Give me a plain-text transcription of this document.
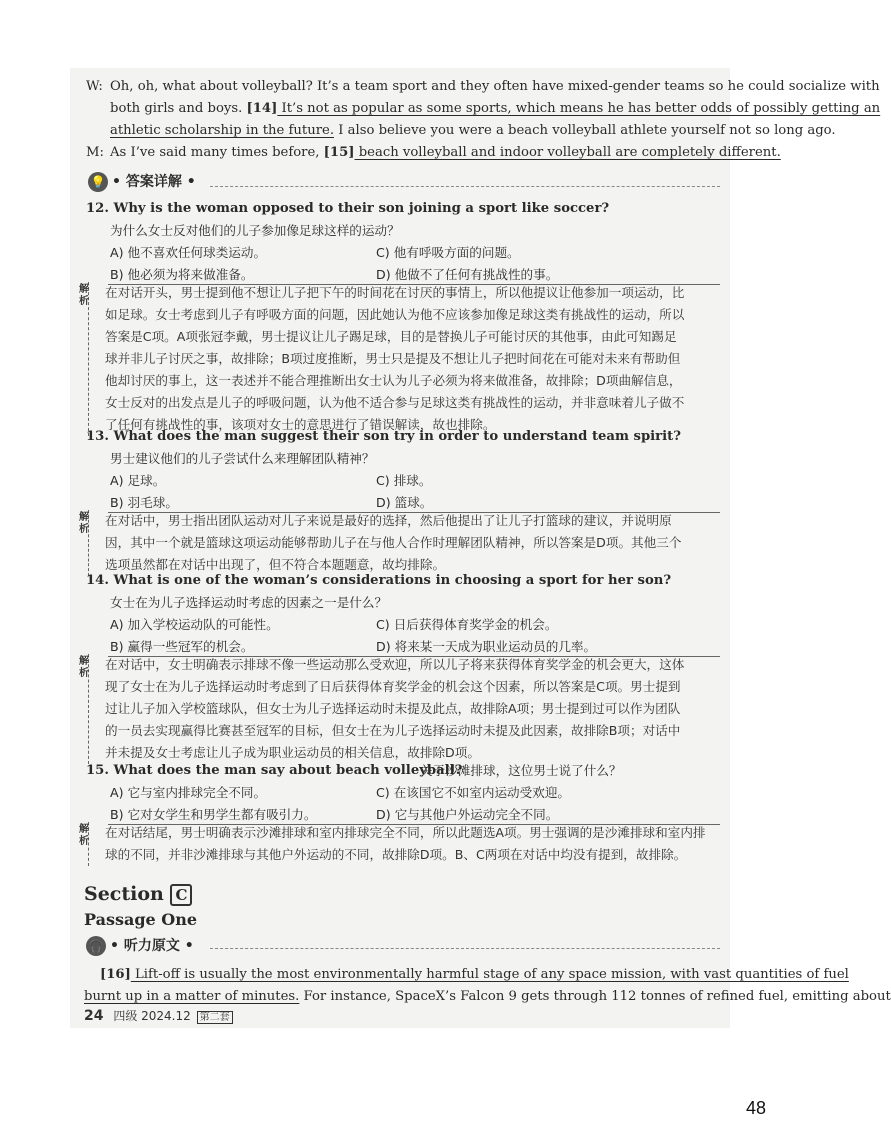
W: Oh, oh, what about volleyball? It’s a team sport and they often have mixed-gender teams so he could socialize with
both girls and boys. [14] It’s not as popular as some sports, which means he has better odds of possibly getting an
athletic scholarship in the future. I also believe you were a beach volleyball athlete yourself not so long ago.
M: As I’ve said many times before, [15] beach volleyball and indoor volleyball are completely different.
💡 • 答案详解 •
12. Why is the woman opposed to their son joining a sport like soccer?
为什么女士反对他们的儿子参加像足球这样的运动？
A) 他不喜欢任何球类运动。	C) 他有呼吸方面的问题。
B) 他必须为将来做准备。	D) 他做不了任何有挑战性的事。
解析
在对话开头，男士提到他不想让儿子把下午的时间花在讨厌的事情上，所以他提议让他参加一项运动，比
如足球。女士考虑到儿子有呼吸方面的问题，因此她认为他不应该参加像足球这类有挑战性的运动，所以
答案是C项。A项张冠李戴，男士提议让儿子踢足球，目的是替换儿子可能讨厌的其他事，由此可知踢足
球并非儿子讨厌之事，故排除；B项过度推断，男士只是提及不想让儿子把时间花在可能对未来有帮助但
他却讨厌的事上，这一表述并不能合理推断出女士认为儿子必须为将来做准备，故排除；D项曲解信息，
女士反对的出发点是儿子的呼吸问题，认为他不适合参与足球这类有挑战性的运动，并非意味着儿子做不
了任何有挑战性的事，该项对女士的意思进行了错误解读，故也排除。
13. What does the man suggest their son try in order to understand team spirit?
男士建议他们的儿子尝试什么来理解团队精神？
A) 足球。	C) 排球。
B) 羽毛球。	D) 篮球。
解析
在对话中，男士指出团队运动对儿子来说是最好的选择，然后他提出了让儿子打篮球的建议，并说明原
因，其中一个就是篮球这项运动能够帮助儿子在与他人合作时理解团队精神，所以答案是D项。其他三个
选项虽然都在对话中出现了，但不符合本题题意，故均排除。
14. What is one of the woman’s considerations in choosing a sport for her son?
女士在为儿子选择运动时考虑的因素之一是什么？
A) 加入学校运动队的可能性。	C) 日后获得体育奖学金的机会。
B) 赢得一些冠军的机会。	D) 将来某一天成为职业运动员的几率。
解析
在对话中，女士明确表示排球不像一些运动那么受欢迎，所以儿子将来获得体育奖学金的机会更大，这体
现了女士在为儿子选择运动时考虑到了日后获得体育奖学金的机会这个因素，所以答案是C项。男士提到
过让儿子加入学校篮球队，但女士为儿子选择运动时未提及此点，故排除A项；男士提到过可以作为团队
的一员去实现赢得比赛甚至冠军的目标，但女士在为儿子选择运动时未提及此因素，故排除B项；对话中
并未提及女士考虑让儿子成为职业运动员的相关信息，故排除D项。
15. What does the man say about beach volleyball?
关于沙滩排球，这位男士说了什么？
A) 它与室内排球完全不同。	C) 在该国它不如室内运动受欢迎。
B) 它对女学生和男学生都有吸引力。	D) 它与其他户外运动完全不同。
解析
在对话结尾，男士明确表示沙滩排球和室内排球完全不同，所以此题选A项。男士强调的是沙滩排球和室内排
球的不同，并非沙滩排球与其他户外运动的不同，故排除D项。B、C两项在对话中均没有提到，故排除。
Section C
Passage One
🎧 • 听力原文 •
[16] Lift-off is usually the most environmentally harmful stage of any space mission, with vast quantities of fuel
burnt up in a matter of minutes. For instance, SpaceX’s Falcon 9 gets through 112 tonnes of refined fuel, emitting about
24 四级 2024.12 第二套
48
